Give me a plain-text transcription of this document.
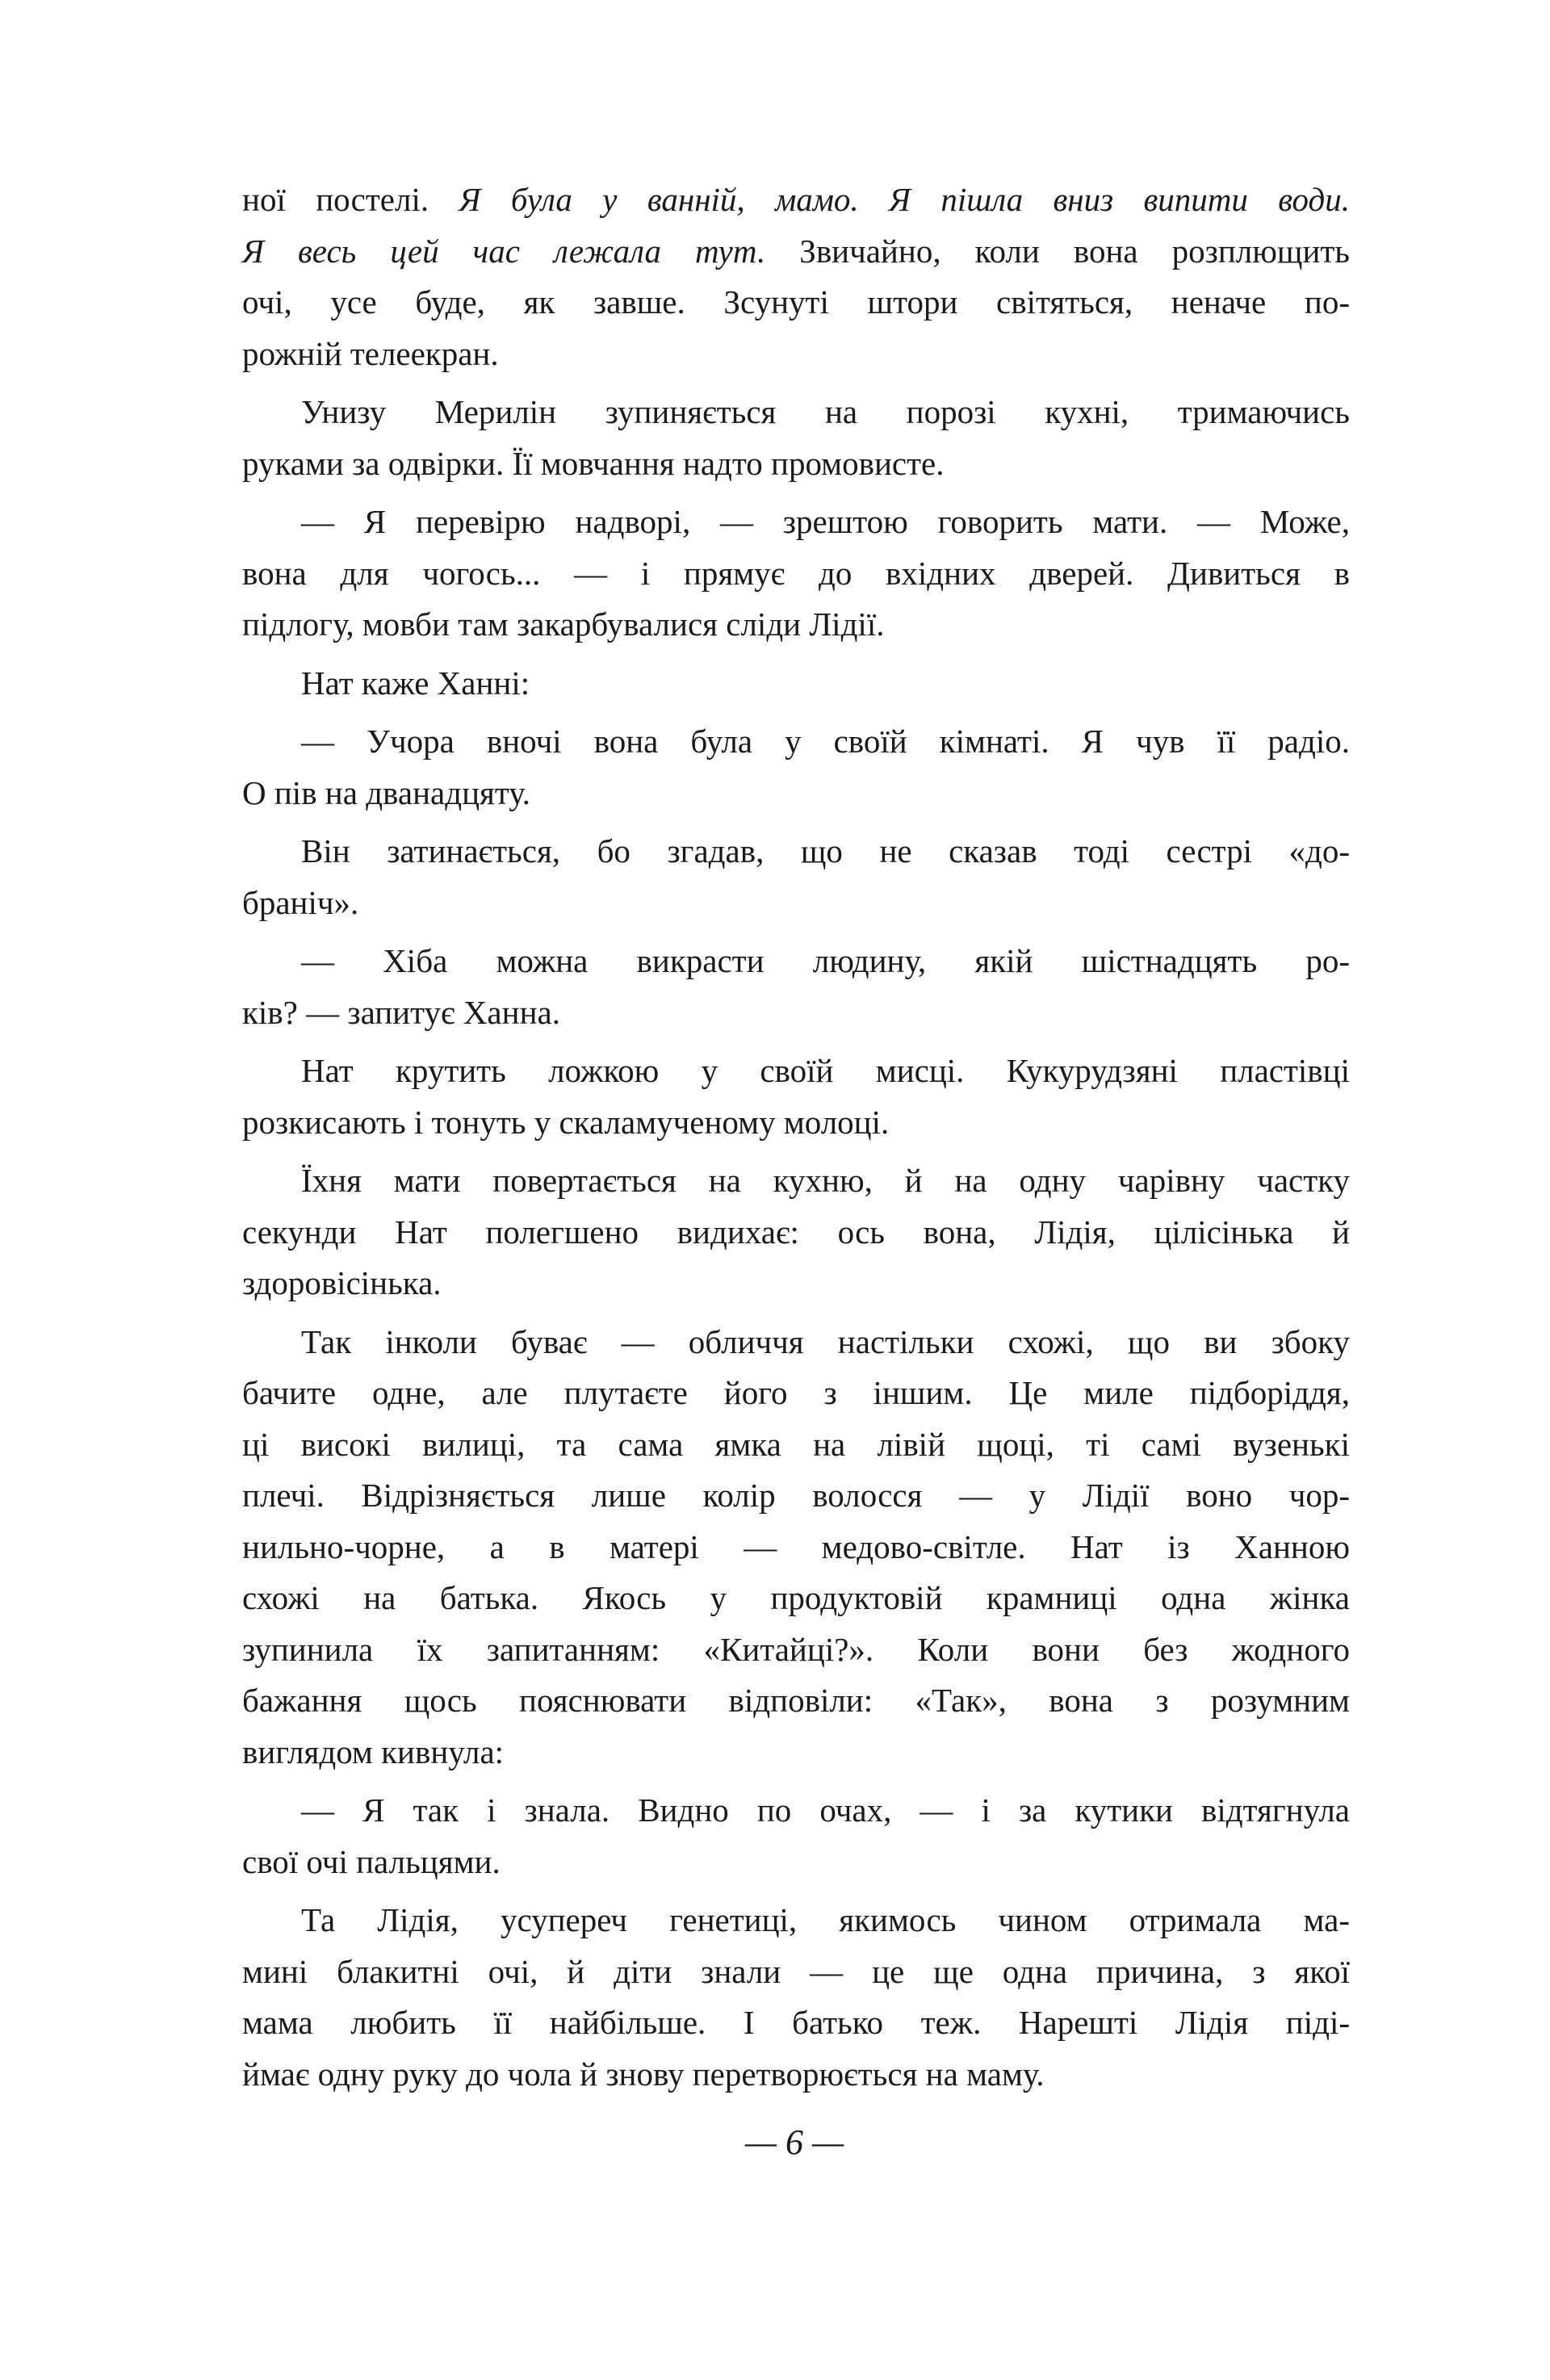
ної постелі. Я була у ванній, мамо. Я пішла вниз випити води.
Я весь цей час лежала тут. Звичайно, коли вона розплющить
очі, усе буде, як завше. Зсунуті штори світяться, неначе по-
рожній телеекран.
Унизу Мерилін зупиняється на порозі кухні, тримаючись
руками за одвірки. Її мовчання надто промовисте.
— Я перевірю надворі, — зрештою говорить мати. — Може,
вона для чогось... — і прямує до вхідних дверей. Дивиться в
підлогу, мовби там закарбувалися сліди Лідії.
Нат каже Ханні:
— Учора вночі вона була у своїй кімнаті. Я чув її радіо.
О пів на дванадцяту.
Він затинається, бо згадав, що не сказав тоді сестрі «до-
браніч».
— Хіба можна викрасти людину, якій шістнадцять ро-
ків? — запитує Ханна.
Нат крутить ложкою у своїй мисці. Кукурудзяні пластівці
розкисають і тонуть у скаламученому молоці.
Їхня мати повертається на кухню, й на одну чарівну частку
секунди Нат полегшено видихає: ось вона, Лідія, цілісінька й
здоровісінька.
Так інколи буває — обличчя настільки схожі, що ви збоку
бачите одне, але плутаєте його з іншим. Це миле підборіддя,
ці високі вилиці, та сама ямка на лівій щоці, ті самі вузенькі
плечі. Відрізняється лише колір волосся — у Лідії воно чор-
нильно-чорне, а в матері — медово-світле. Нат із Ханною
схожі на батька. Якось у продуктовій крамниці одна жінка
зупинила їх запитанням: «Китайці?». Коли вони без жодного
бажання щось пояснювати відповіли: «Так», вона з розумним
виглядом кивнула:
— Я так і знала. Видно по очах, — і за кутики відтягнула
свої очі пальцями.
Та Лідія, усупереч генетиці, якимось чином отримала ма-
мині блакитні очі, й діти знали — це ще одна причина, з якої
мама любить її найбільше. І батько теж. Нарешті Лідія піді-
ймає одну руку до чола й знову перетворюється на маму.
— 6 —
